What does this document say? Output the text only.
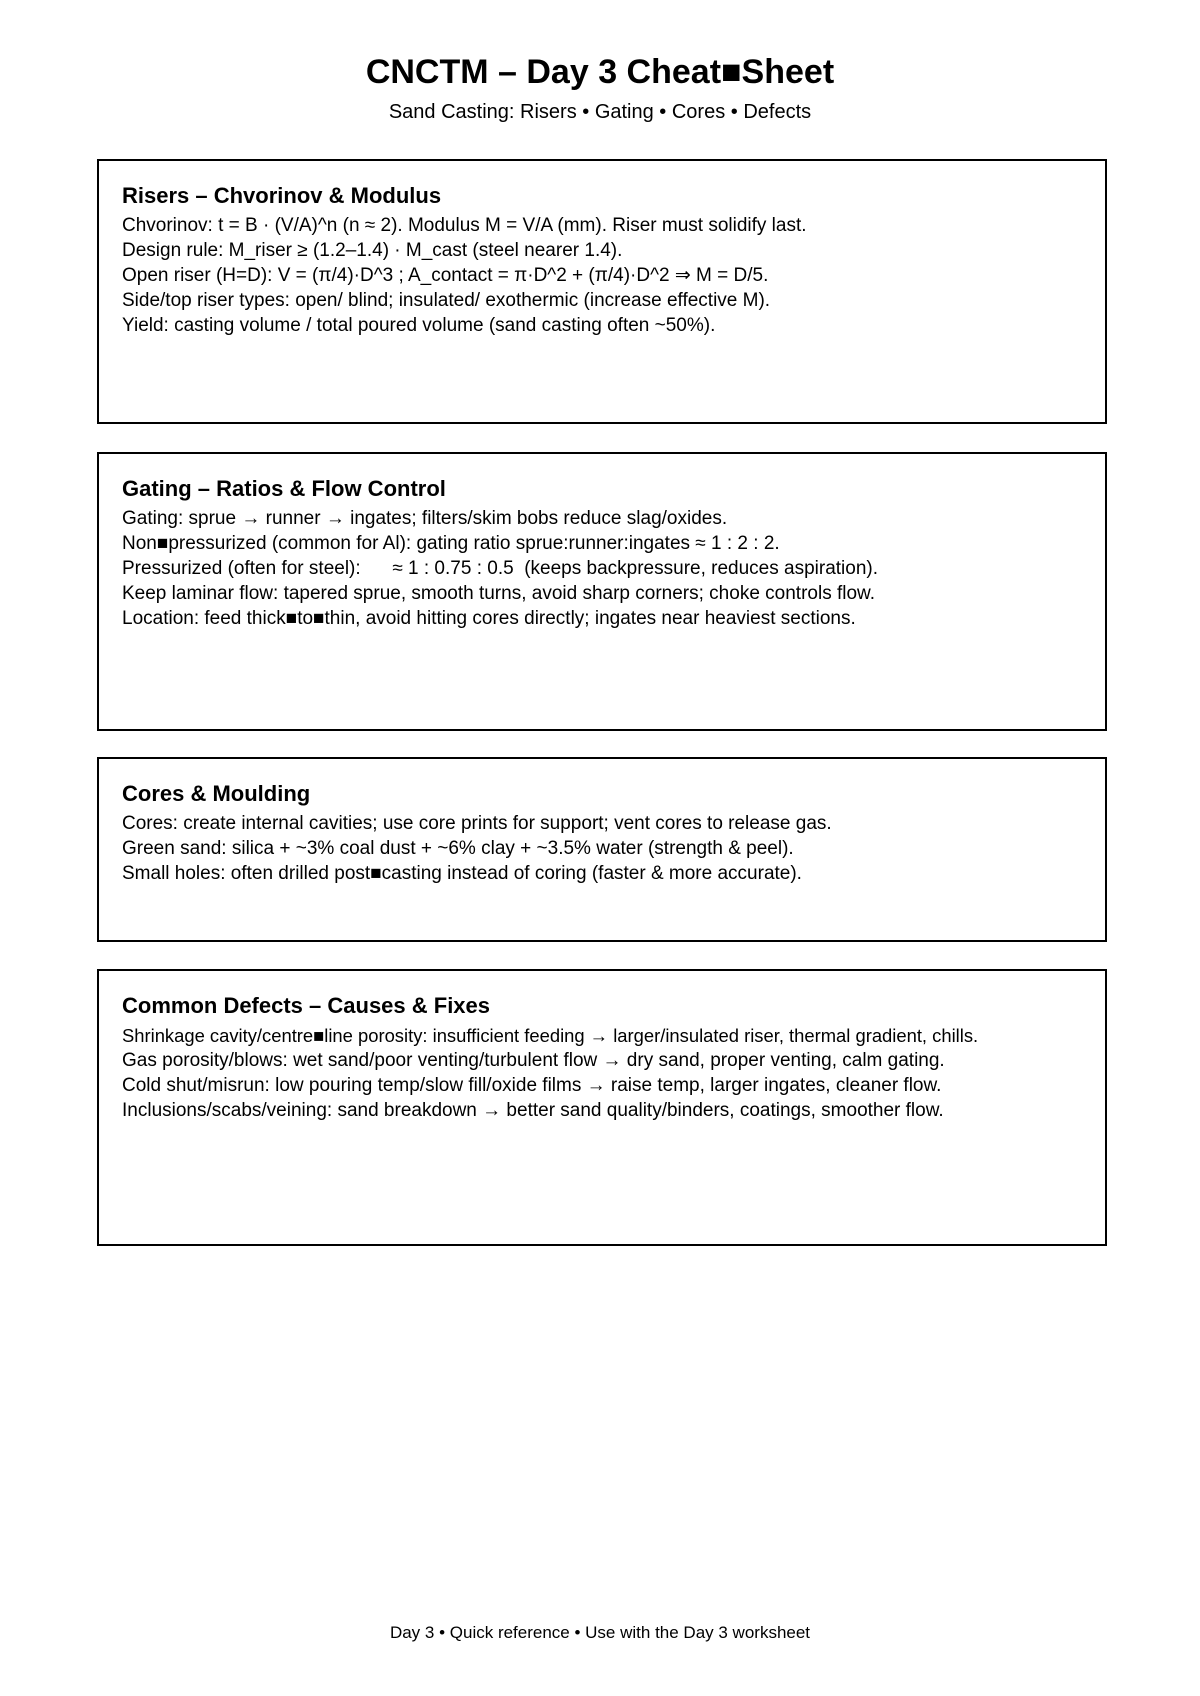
CNCTM – Day 3 Cheat■Sheet
Sand Casting: Risers • Gating • Cores • Defects
Risers – Chvorinov & Modulus
Chvorinov: t = B · (V/A)^n (n ≈ 2). Modulus M = V/A (mm). Riser must solidify last.
Design rule: M_riser ≥ (1.2–1.4) · M_cast (steel nearer 1.4).
Open riser (H=D): V = (π/4)·D^3 ; A_contact = π·D^2 + (π/4)·D^2 ⇒ M = D/5.
Side/top riser types: open/ blind; insulated/ exothermic (increase effective M).
Yield: casting volume / total poured volume (sand casting often ~50%).
Gating – Ratios & Flow Control
Gating: sprue → runner → ingates; filters/skim bobs reduce slag/oxides.
Non■pressurized (common for Al): gating ratio sprue:runner:ingates ≈ 1 : 2 : 2.
Pressurized (often for steel):      ≈ 1 : 0.75 : 0.5  (keeps backpressure, reduces aspiration).
Keep laminar flow: tapered sprue, smooth turns, avoid sharp corners; choke controls flow.
Location: feed thick■to■thin, avoid hitting cores directly; ingates near heaviest sections.
Cores & Moulding
Cores: create internal cavities; use core prints for support; vent cores to release gas.
Green sand: silica + ~3% coal dust + ~6% clay + ~3.5% water (strength & peel).
Small holes: often drilled post■casting instead of coring (faster & more accurate).
Common Defects – Causes & Fixes
Shrinkage cavity/centre■line porosity: insufficient feeding → larger/insulated riser, thermal gradient, chills.
Gas porosity/blows: wet sand/poor venting/turbulent flow → dry sand, proper venting, calm gating.
Cold shut/misrun: low pouring temp/slow fill/oxide films → raise temp, larger ingates, cleaner flow.
Inclusions/scabs/veining: sand breakdown → better sand quality/binders, coatings, smoother flow.
Day 3 • Quick reference • Use with the Day 3 worksheet
